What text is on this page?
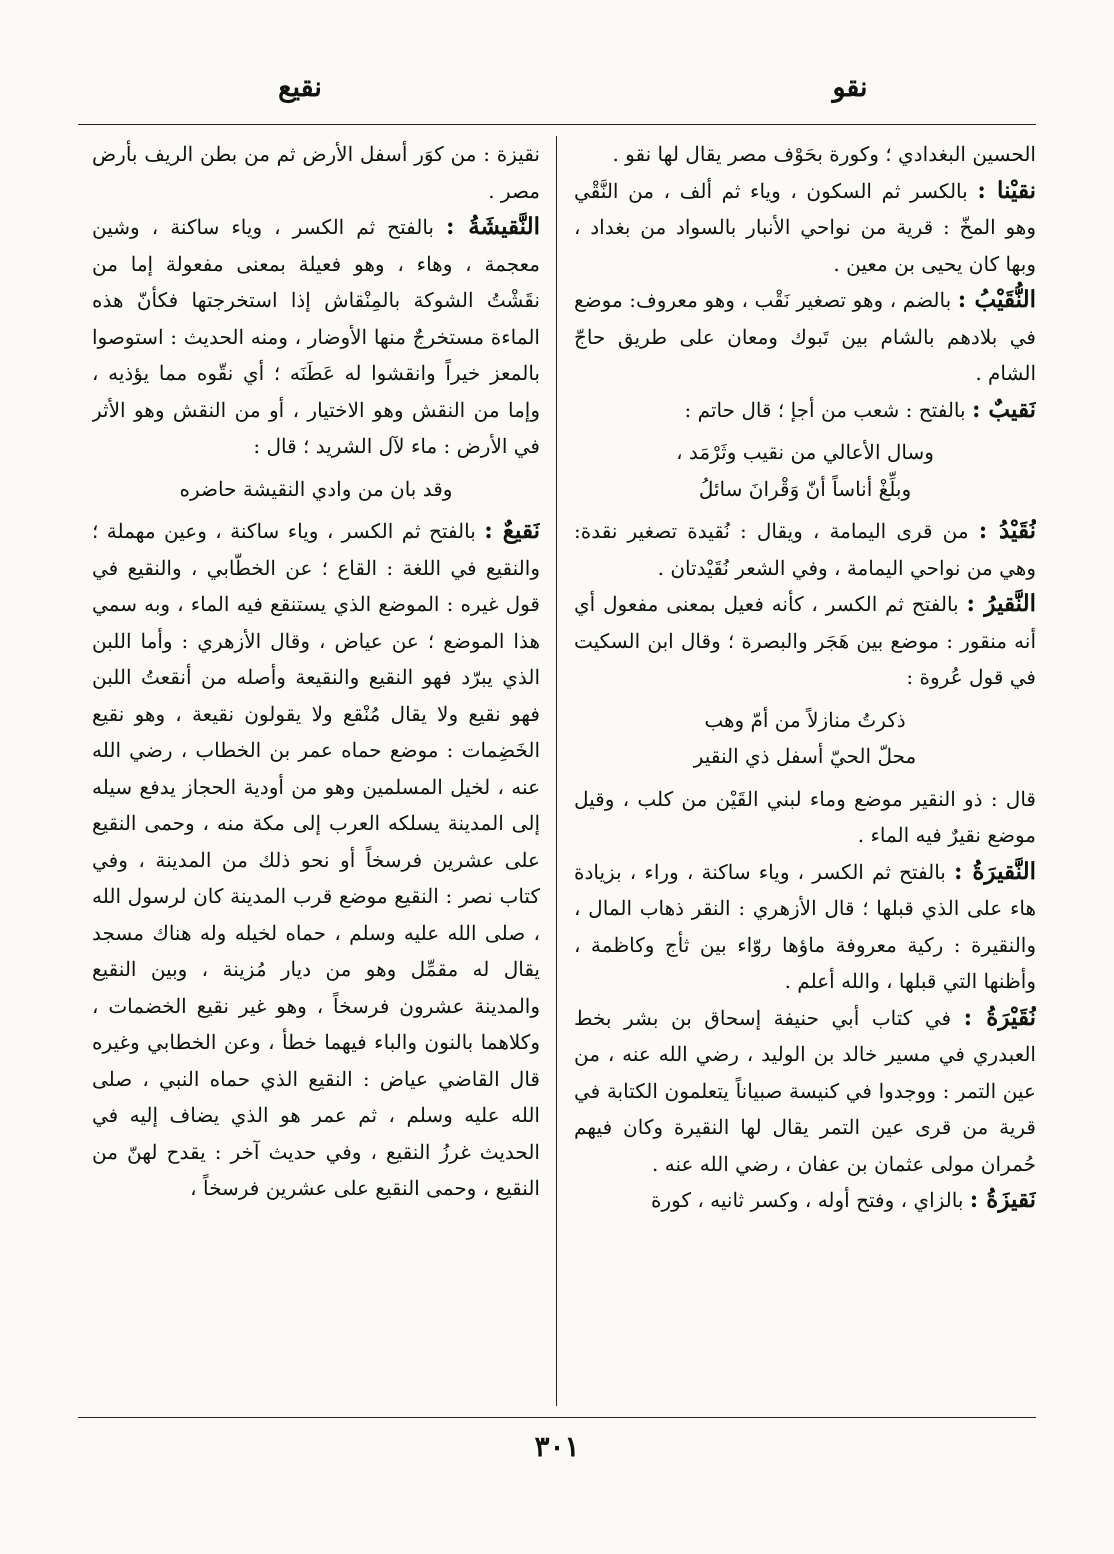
نقو
نقيع

الحسين البغدادي ؛ وكورة بحَوْف مصر يقال لها نقو .

نقيْنا : بالكسر ثم السكون ، وياء ثم ألف ، من النَّقْي وهو المخّ : قرية من نواحي الأنبار بالسواد من بغداد ، وبها كان يحيى بن معين .

النُّقَيْبُ : بالضم ، وهو تصغير نَقْب ، وهو معروف: موضع في بلادهم بالشام بين تَبوك ومعان على طريق حاجّ الشام .

نَقيبٌ : بالفتح : شعب من أجإ ؛ قال حاتم :

وسال الأعالي من نقيب وثَرْمَد ،
وبلِّغْ أناساً أنّ وَقْرانَ سائلُ

نُقَيْدُ : من قرى اليمامة ، ويقال : نُقيدة تصغير نقدة: وهي من نواحي اليمامة ، وفي الشعر نُقَيْدتان .

النَّقيرُ : بالفتح ثم الكسر ، كأنه فعيل بمعنى مفعول أي أنه منقور : موضع بين هَجَر والبصرة ؛ وقال ابن السكيت في قول عُروة :

ذكرتُ منازلاً من أمّ وهب
محلّ الحيّ أسفل ذي النقير

قال : ذو النقير موضع وماء لبني القَيْن من كلب ، وقيل موضع نقيرٌ فيه الماء .

النَّقيرَةُ : بالفتح ثم الكسر ، وياء ساكنة ، وراء ، بزيادة هاء على الذي قبلها ؛ قال الأزهري : النقر ذهاب المال ، والنقيرة : ركية معروفة ماؤها روّاء بين ثأج وكاظمة ، وأظنها التي قبلها ، والله أعلم .

نُقَيْرَةُ : في كتاب أبي حنيفة إسحاق بن بشر بخط العبدري في مسير خالد بن الوليد ، رضي الله عنه ، من عين التمر : ووجدوا في كنيسة صبياناً يتعلمون الكتابة في قرية من قرى عين التمر يقال لها النقيرة وكان فيهم حُمران مولى عثمان بن عفان ، رضي الله عنه .

نَقيزَةُ : بالزاي ، وفتح أوله ، وكسر ثانيه ، كورة

نقيزة : من كوَر أسفل الأرض ثم من بطن الريف بأرض مصر .

النَّقيشَةُ : بالفتح ثم الكسر ، وياء ساكنة ، وشين معجمة ، وهاء ، وهو فعيلة بمعنى مفعولة إما من نقَشْتُ الشوكة بالمِنْقاش إذا استخرجتها فكأنّ هذه الماءة مستخرجٌ منها الأوضار ، ومنه الحديث : استوصوا بالمعز خيراً وانقشوا له عَطَنَه ؛ أي نقّوه مما يؤذيه ، وإما من النقش وهو الاختيار ، أو من النقش وهو الأثر في الأرض : ماء لآل الشريد ؛ قال :

وقد بان من وادي النقيشة حاضره

نَقيعٌ : بالفتح ثم الكسر ، وياء ساكنة ، وعين مهملة ؛ والنقيع في اللغة : القاع ؛ عن الخطّابي ، والنقيع في قول غيره : الموضع الذي يستنقع فيه الماء ، وبه سمي هذا الموضع ؛ عن عياض ، وقال الأزهري : وأما اللبن الذي يبرّد فهو النقيع والنقيعة وأصله من أنقعتُ اللبن فهو نقيع ولا يقال مُنْقع ولا يقولون نقيعة ، وهو نقيع الخَضِمات : موضع حماه عمر بن الخطاب ، رضي الله عنه ، لخيل المسلمين وهو من أودية الحجاز يدفع سيله إلى المدينة يسلكه العرب إلى مكة منه ، وحمى النقيع على عشرين فرسخاً أو نحو ذلك من المدينة ، وفي كتاب نصر : النقيع موضع قرب المدينة كان لرسول الله ، صلى الله عليه وسلم ، حماه لخيله وله هناك مسجد يقال له مقمِّل وهو من ديار مُزينة ، وبين النقيع والمدينة عشرون فرسخاً ، وهو غير نقيع الخضمات ، وكلاهما بالنون والباء فيهما خطأ ، وعن الخطابي وغيره قال القاضي عياض : النقيع الذي حماه النبي ، صلى الله عليه وسلم ، ثم عمر هو الذي يضاف إليه في الحديث غرزُ النقيع ، وفي حديث آخر : يقدح لهنّ من النقيع ، وحمى النقيع على عشرين فرسخاً ،

٣٠١
